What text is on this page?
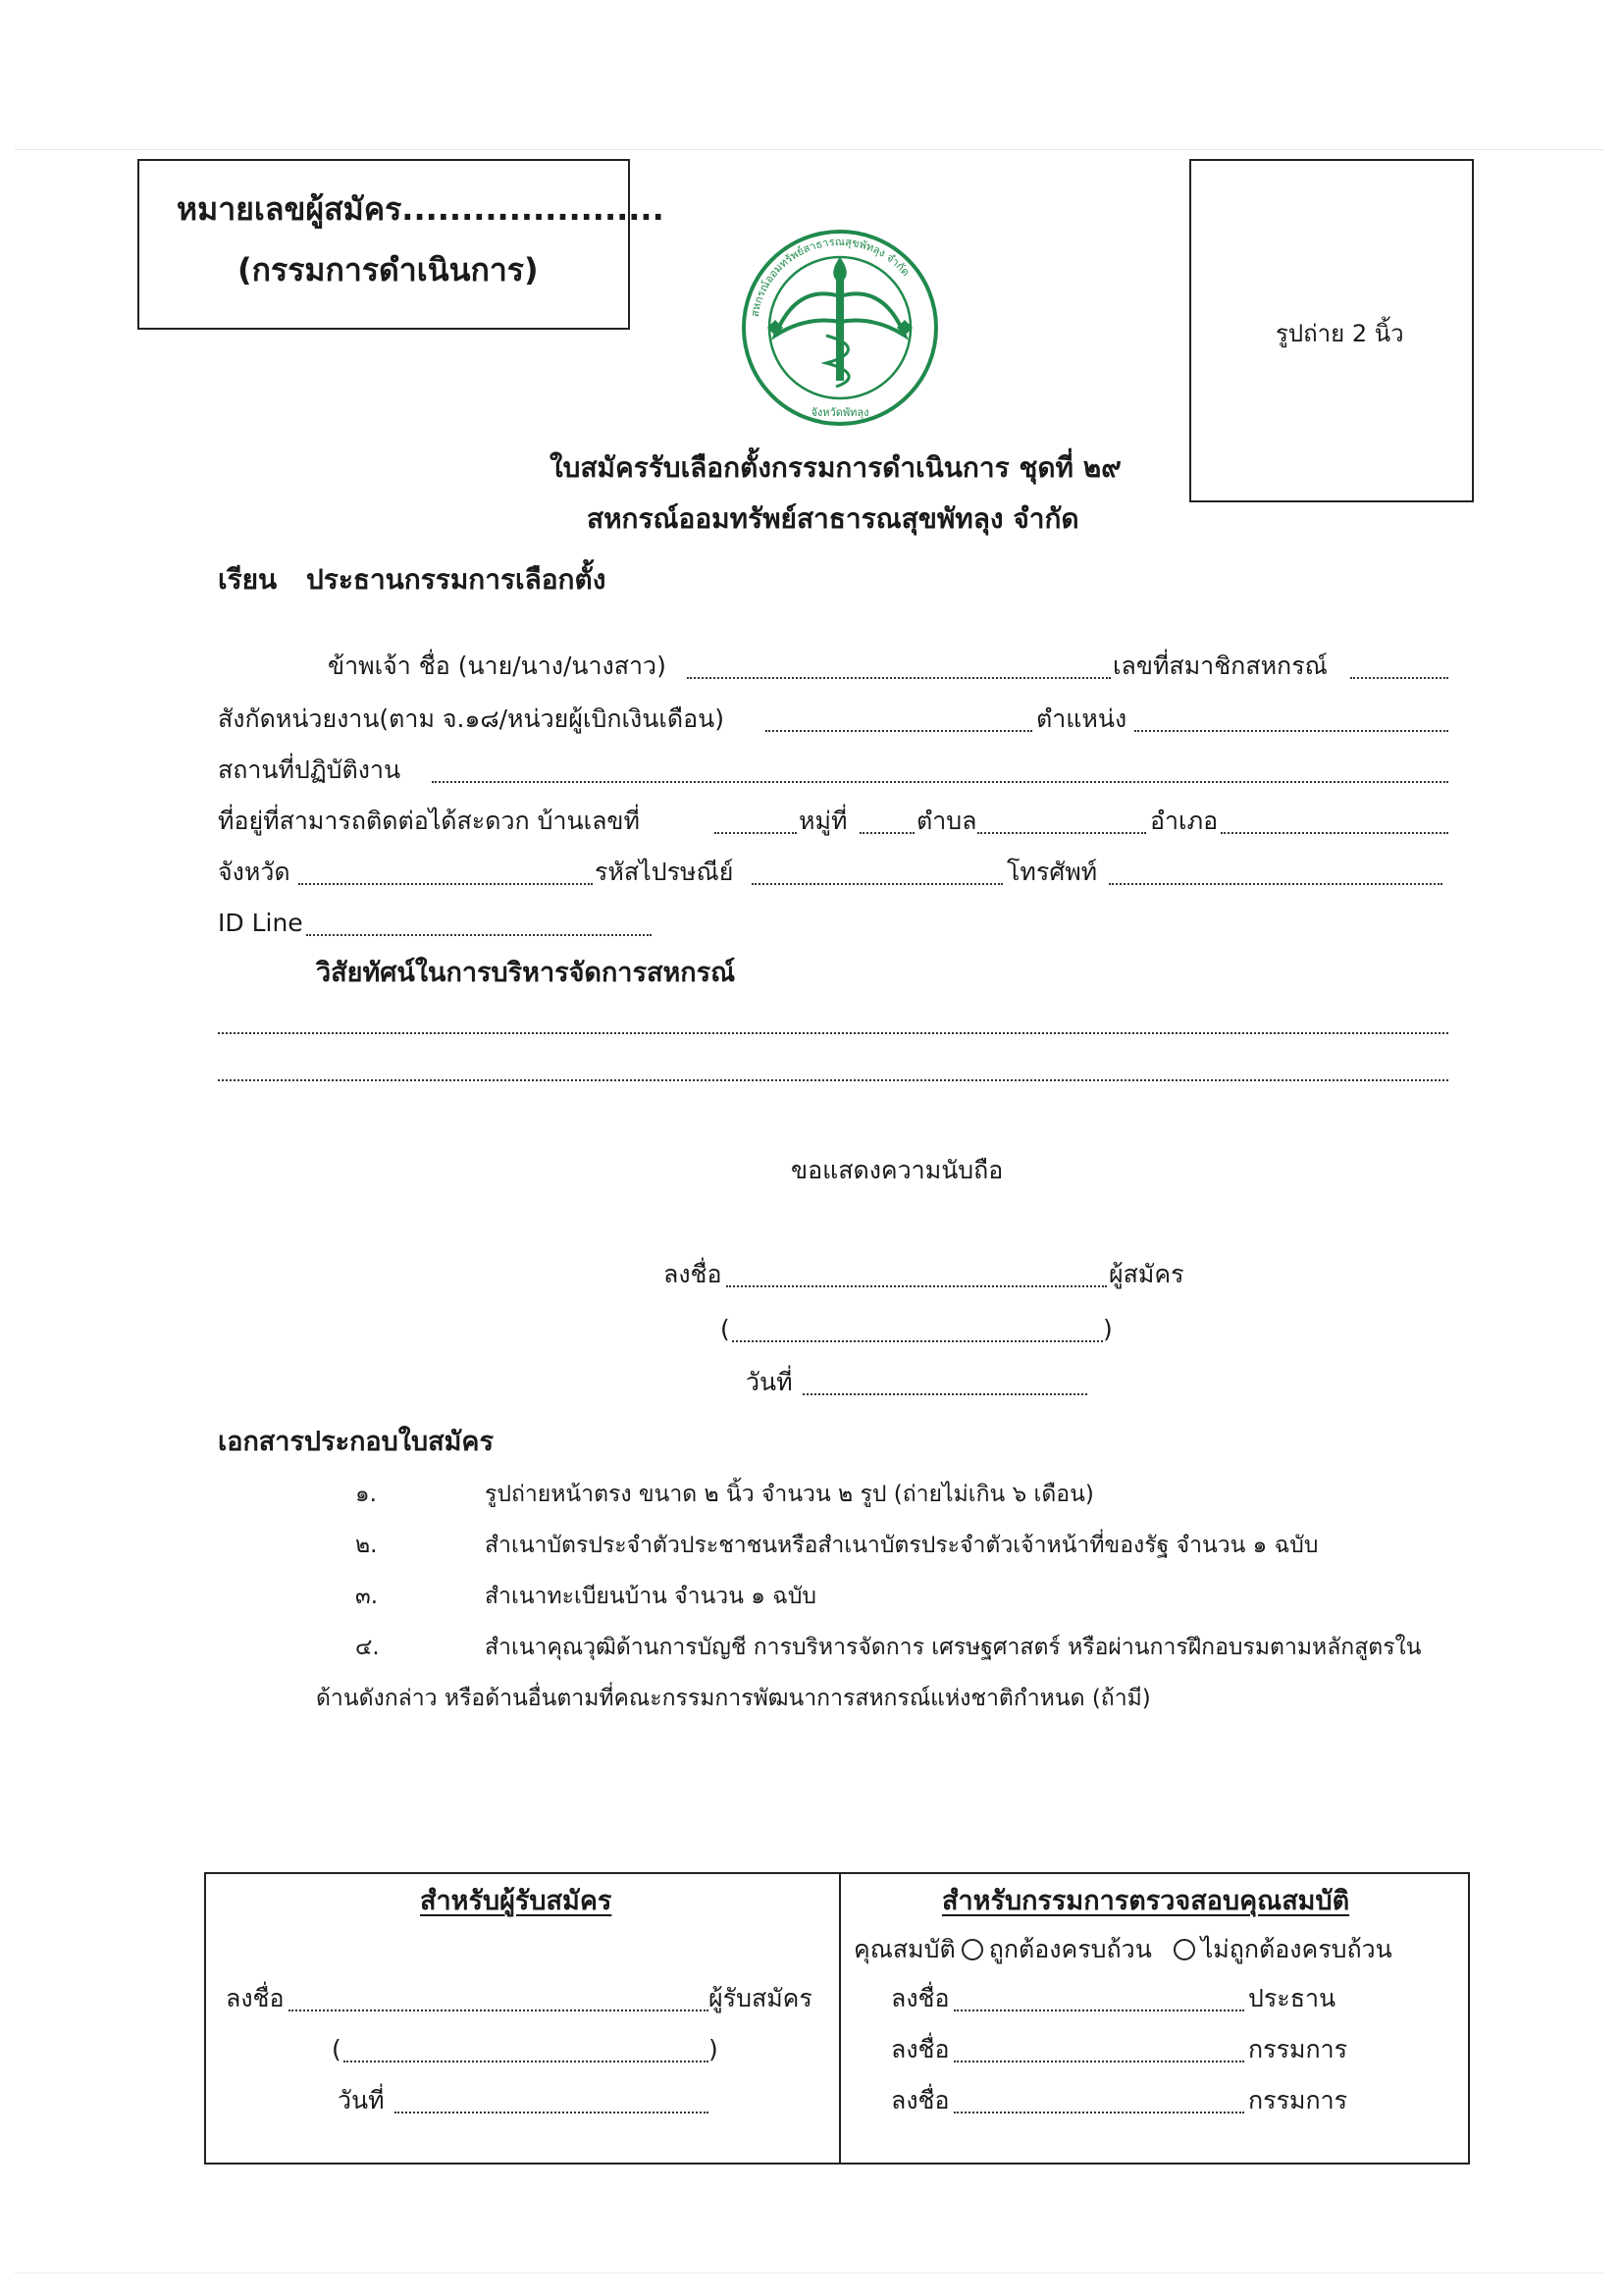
หมายเลขผู้สมัคร......................
(กรรมการดำเนินการ)
สหกรณ์ออมทรัพย์สาธารณสุขพัทลุง จำกัด
จังหวัดพัทลุง
รูปถ่าย 2 นิ้ว
ใบสมัครรับเลือกตั้งกรรมการดำเนินการ ชุดที่ ๒๙
สหกรณ์ออมทรัพย์สาธารณสุขพัทลุง จำกัด
เรียน ประธานกรรมการเลือกตั้ง
ข้าพเจ้า ชื่อ (นาย/นาง/นางสาว)	เลขที่สมาชิกสหกรณ์
สังกัดหน่วยงาน(ตาม จ.๑๘/หน่วยผู้เบิกเงินเดือน)	ตำแหน่ง
สถานที่ปฏิบัติงาน
ที่อยู่ที่สามารถติดต่อได้สะดวก บ้านเลขที่	หมู่ที่	ตำบล	อำเภอ
จังหวัด	รหัสไปรษณีย์	โทรศัพท์
ID Line
วิสัยทัศน์ในการบริหารจัดการสหกรณ์
ขอแสดงความนับถือ
ลงชื่อ	ผู้สมัคร
(	)
วันที่
เอกสารประกอบใบสมัคร
๑.	รูปถ่ายหน้าตรง ขนาด ๒ นิ้ว จำนวน ๒ รูป (ถ่ายไม่เกิน ๖ เดือน)
๒.	สำเนาบัตรประจำตัวประชาชนหรือสำเนาบัตรประจำตัวเจ้าหน้าที่ของรัฐ จำนวน ๑ ฉบับ
๓.	สำเนาทะเบียนบ้าน จำนวน ๑ ฉบับ
๔.	สำเนาคุณวุฒิด้านการบัญชี การบริหารจัดการ เศรษฐศาสตร์ หรือผ่านการฝึกอบรมตามหลักสูตรใน
ด้านดังกล่าว หรือด้านอื่นตามที่คณะกรรมการพัฒนาการสหกรณ์แห่งชาติกำหนด (ถ้ามี)
สำหรับผู้รับสมัคร
ลงชื่อ	ผู้รับสมัคร
(	)
วันที่
สำหรับกรรมการตรวจสอบคุณสมบัติ
คุณสมบัติ ถูกต้องครบถ้วน ไม่ถูกต้องครบถ้วน
ลงชื่อ	ประธาน
ลงชื่อ	กรรมการ
ลงชื่อ	กรรมการ
